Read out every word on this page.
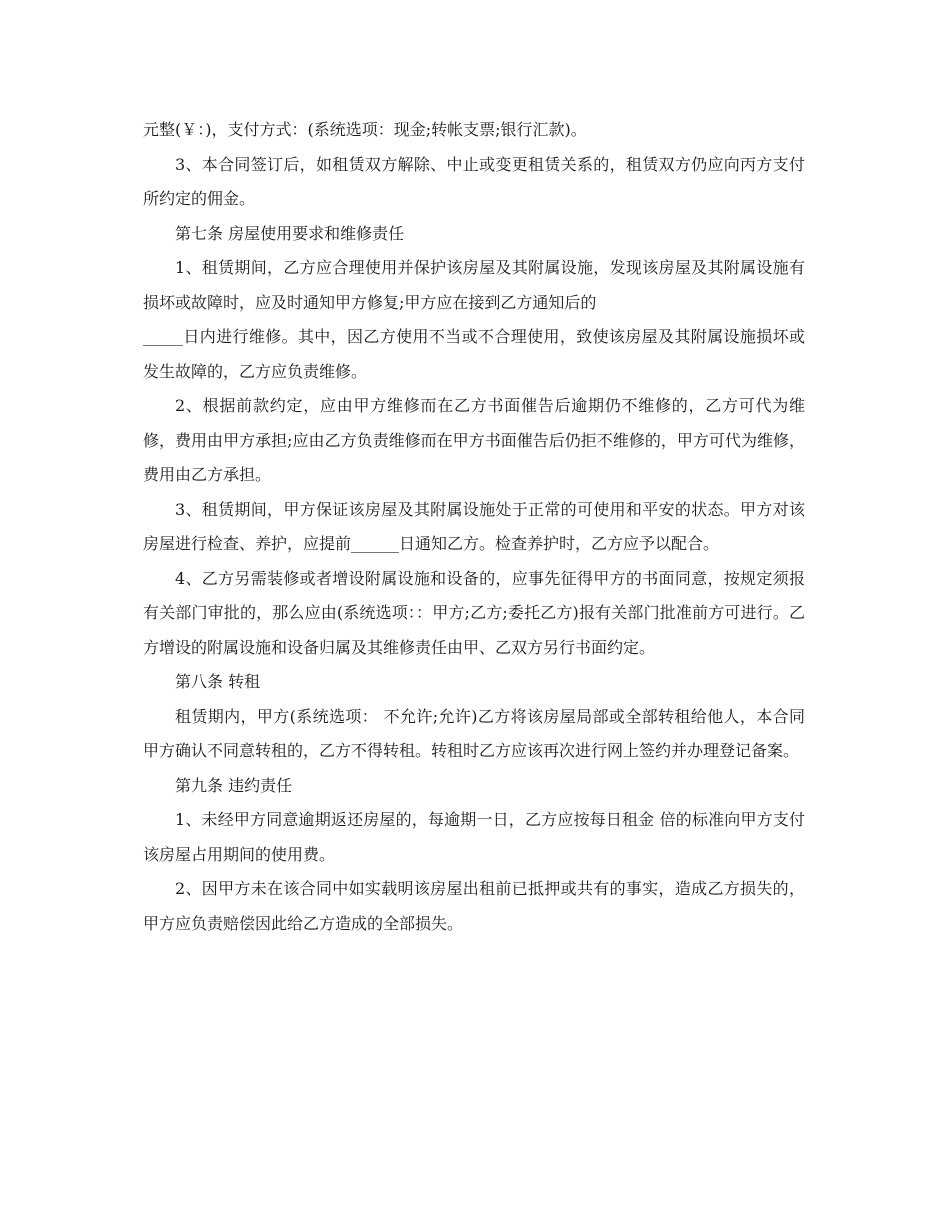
元整(￥：)，支付方式：(系统选项：现金;转帐支票;银行汇款)。

3、本合同签订后，如租赁双方解除、中止或变更租赁关系的，租赁双方仍应向丙方支付所约定的佣金。

第七条 房屋使用要求和维修责任

1、租赁期间，乙方应合理使用并保护该房屋及其附属设施，发现该房屋及其附属设施有损坏或故障时，应及时通知甲方修复;甲方应在接到乙方通知后的

_____日内进行维修。其中，因乙方使用不当或不合理使用，致使该房屋及其附属设施损坏或发生故障的，乙方应负责维修。

2、根据前款约定，应由甲方维修而在乙方书面催告后逾期仍不维修的，乙方可代为维修，费用由甲方承担;应由乙方负责维修而在甲方书面催告后仍拒不维修的，甲方可代为维修，费用由乙方承担。

3、租赁期间，甲方保证该房屋及其附属设施处于正常的可使用和平安的状态。甲方对该房屋进行检查、养护，应提前______日通知乙方。检查养护时，乙方应予以配合。

4、乙方另需装修或者增设附属设施和设备的，应事先征得甲方的书面同意，按规定须报有关部门审批的，那么应由(系统选项：：甲方;乙方;委托乙方)报有关部门批准前方可进行。乙方增设的附属设施和设备归属及其维修责任由甲、乙双方另行书面约定。

第八条 转租

租赁期内，甲方(系统选项： 不允许;允许)乙方将该房屋局部或全部转租给他人，本合同甲方确认不同意转租的，乙方不得转租。转租时乙方应该再次进行网上签约并办理登记备案。

第九条 违约责任

1、未经甲方同意逾期返还房屋的，每逾期一日，乙方应按每日租金 倍的标准向甲方支付该房屋占用期间的使用费。

2、因甲方未在该合同中如实载明该房屋出租前已抵押或共有的事实，造成乙方损失的，甲方应负责赔偿因此给乙方造成的全部损失。
